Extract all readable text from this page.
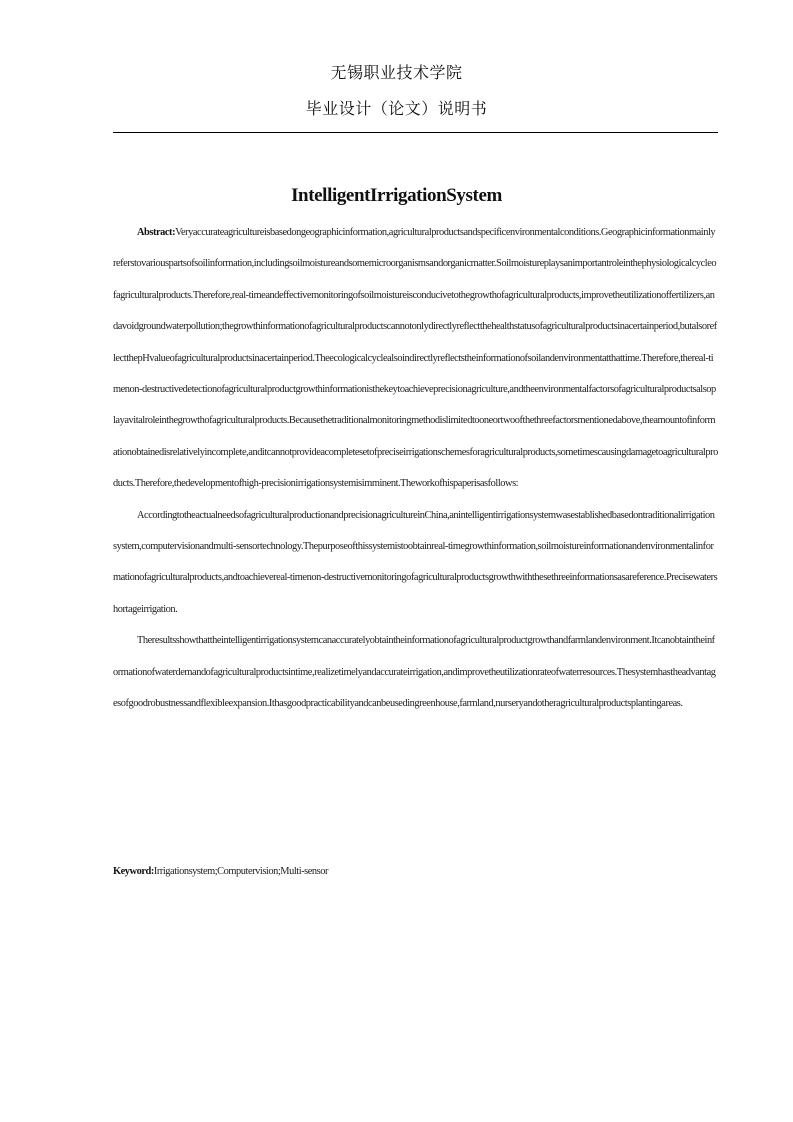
无锡职业技术学院
毕业设计（论文）说明书
IntelligentIrrigationSystem

Abstract:Veryaccurateagricultureisbasedongeographicinformation,agriculturalproductsandspecificenvironmentalconditions.Geographicinformationmainlyreferstovariouspartsofsoilinformation,includingsoilmoistureandsomemicroorganismsandorganicmatter.Soilmoistureplaysanimportantroleinthephysiologicalcycleofagriculturalproducts.Therefore,real-timeandeffectivemonitoringofsoilmoistureisconducivetothegrowthofagriculturalproducts,improvetheutilizationoffertilizers,andavoidgroundwaterpollution;thegrowthinformationofagriculturalproductscannotonlydirectlyreflectthehealthstatusofagriculturalproductsinacertainperiod,butalsoreflectthepHvalueofagriculturalproductsinacertainperiod.Theecologicalcyclealsoindirectlyreflectstheinformationofsoilandenvironmentatthattime.Therefore,thereal-timenon-destructivedetectionofagriculturalproductgrowthinformationisthekeytoachieveprecisionagriculture,andtheenvironmentalfactorsofagriculturalproductsalsoplayavitalroleinthegrowthofagriculturalproducts.Becausethetraditionalmonitoringmethodislimitedtooneortwoofthethreefactorsmentionedabove,theamountofinformationobtainedisrelativelyincomplete,anditcannotprovideacompletesetofpreciseirrigationschemesforagriculturalproducts,sometimescausingdamagetoagriculturalproducts.Therefore,thedevelopmentofhigh-precisionirrigationsystemisimminent.Theworkofhispaperisasfollows:

AccordingtotheactualneedsofagriculturalproductionandprecisionagricultureinChina,anintelligentirrigationsystemwasestablishedbasedontraditionalirrigationsystem,computervisionandmulti-sensortechnology.Thepurposeofthissystemistoobtainreal-timegrowthinformation,soilmoistureinformationandenvironmentalinformationofagriculturalproducts,andtoachievereal-timenon-destructivemonitoringofagriculturalproductsgrowthwiththesethreeinformationsasareference.Precisewatershortageirrigation.

Theresultsshowthattheintelligentirrigationsystemcanaccuratelyobtaintheinformationofagriculturalproductgrowthandfarmlandenvironment.Itcanobtaintheinformationofwaterdemandofagriculturalproductsintime,realizetimelyandaccurateirrigation,andimprovetheutilizationrateofwaterresources.Thesystemhastheadvantagesofgoodrobustnessandflexibleexpansion.Ithasgoodpracticabilityandcanbeusedingreenhouse,farmland,nurseryandotheragriculturalproductsplantingareas.

Keyword:Irrigationsystem;Computervision;Multi-sensor
